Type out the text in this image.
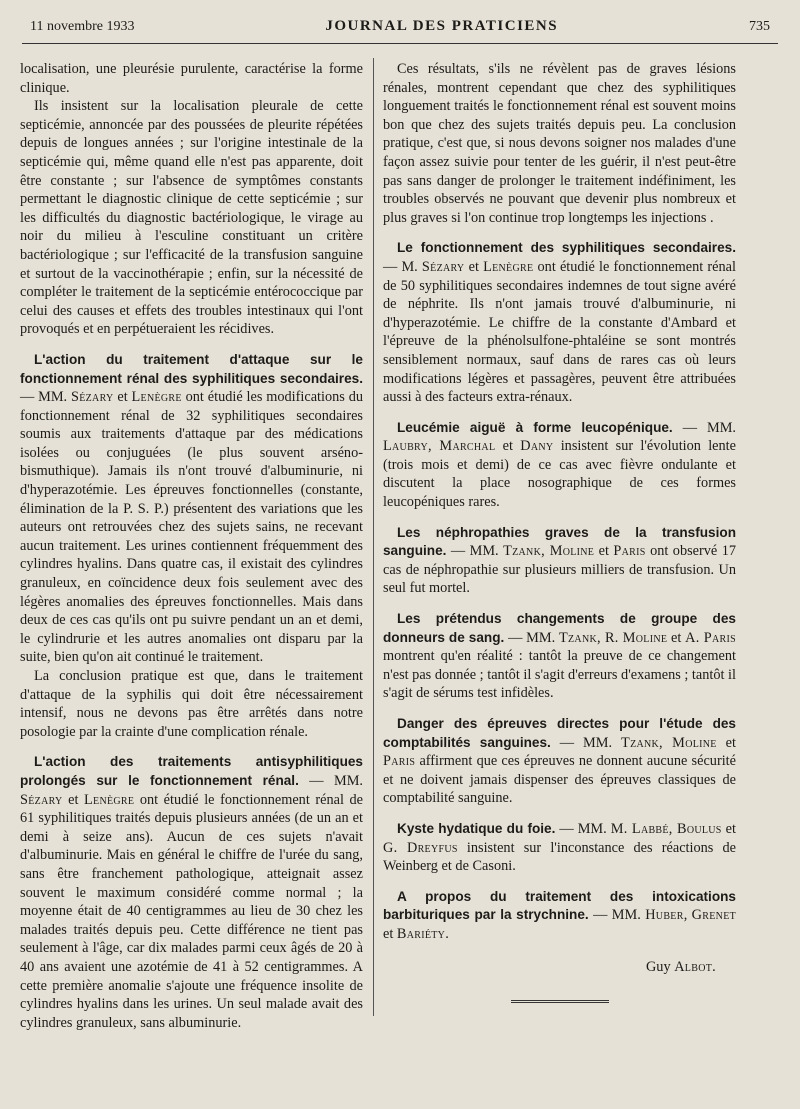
11 novembre 1933	JOURNAL DES PRATICIENS	735

localisation, une pleurésie purulente, caractérise la forme clinique.

Ils insistent sur la localisation pleurale de cette septicémie, annoncée par des poussées de pleurite répétées depuis de longues années ; sur l'origine intestinale de la septicémie qui, même quand elle n'est pas apparente, doit être constante ; sur l'absence de symptômes constants permettant le diagnostic clinique de cette septicémie ; sur les difficultés du diagnostic bactériologique, le virage au noir du milieu à l'esculine constituant un critère bactériologique ; sur l'efficacité de la transfusion sanguine et surtout de la vaccinothérapie ; enfin, sur la nécessité de compléter le traitement de la septicémie entérococcique par celui des causes et effets des troubles intestinaux qui l'ont provoqués et en perpétueraient les récidives.

L'action du traitement d'attaque sur le fonctionnement rénal des syphilitiques secondaires. — MM. Sézary et Lenègre ont étudié les modifications du fonctionnement rénal de 32 syphilitiques secondaires soumis aux traitements d'attaque par des médications isolées ou conjuguées (le plus souvent arséno-bismuthique). Jamais ils n'ont trouvé d'albuminurie, ni d'hyperazotémie. Les épreuves fonctionnelles (constante, élimination de la P. S. P.) présentent des variations que les auteurs ont retrouvées chez des sujets sains, ne recevant aucun traitement. Les urines contiennent fréquemment des cylindres hyalins. Dans quatre cas, il existait des cylindres granuleux, en coïncidence deux fois seulement avec des légères anomalies des épreuves fonctionnelles. Mais dans deux de ces cas qu'ils ont pu suivre pendant un an et demi, le cylindrurie et les autres anomalies ont disparu par la suite, bien qu'on ait continué le traitement.

La conclusion pratique est que, dans le traitement d'attaque de la syphilis qui doit être nécessairement intensif, nous ne devons pas être arrêtés dans notre posologie par la crainte d'une complication rénale.

L'action des traitements antisyphilitiques prolongés sur le fonctionnement rénal. — MM. Sézary et Lenègre ont étudié le fonctionnement rénal de 61 syphilitiques traités depuis plusieurs années (de un an et demi à seize ans). Aucun de ces sujets n'avait d'albuminurie. Mais en général le chiffre de l'urée du sang, sans être franchement pathologique, atteignait assez souvent le maximum considéré comme normal ; la moyenne était de 40 centigrammes au lieu de 30 chez les malades traités depuis peu. Cette différence ne tient pas seulement à l'âge, car dix malades parmi ceux âgés de 20 à 40 ans avaient une azotémie de 41 à 52 centigrammes. A cette première anomalie s'ajoute une fréquence insolite de cylindres hyalins dans les urines. Un seul malade avait des cylindres granuleux, sans albuminurie.

Ces résultats, s'ils ne révèlent pas de graves lésions rénales, montrent cependant que chez des syphilitiques longuement traités le fonctionnement rénal est souvent moins bon que chez des sujets traités depuis peu. La conclusion pratique, c'est que, si nous devons soigner nos malades d'une façon assez suivie pour tenter de les guérir, il n'est peut-être pas sans danger de prolonger le traitement indéfiniment, les troubles observés ne pouvant que devenir plus nombreux et plus graves si l'on continue trop longtemps les injections .

Le fonctionnement des syphilitiques secondaires. — M. Sézary et Lenègre ont étudié le fonctionnement rénal de 50 syphilitiques secondaires indemnes de tout signe avéré de néphrite. Ils n'ont jamais trouvé d'albuminurie, ni d'hyperazotémie. Le chiffre de la constante d'Ambard et l'épreuve de la phénolsulfone-phtaléine se sont montrés sensiblement normaux, sauf dans de rares cas où leurs modifications légères et passagères, peuvent être attribuées aussi à des facteurs extra-rénaux.

Leucémie aiguë à forme leucopénique. — MM. Laubry, Marchal et Dany insistent sur l'évolution lente (trois mois et demi) de ce cas avec fièvre ondulante et discutent la place nosographique de ces formes leucopéniques rares.

Les néphropathies graves de la transfusion sanguine. — MM. Tzank, Moline et Paris ont observé 17 cas de néphropathie sur plusieurs milliers de transfusion. Un seul fut mortel.

Les prétendus changements de groupe des donneurs de sang. — MM. Tzank, R. Moline et A. Paris montrent qu'en réalité : tantôt la preuve de ce changement n'est pas donnée ; tantôt il s'agit d'erreurs d'examens ; tantôt il s'agit de sérums test infidèles.

Danger des épreuves directes pour l'étude des comptabilités sanguines. — MM. Tzank, Moline et Paris affirment que ces épreuves ne donnent aucune sécurité et ne doivent jamais dispenser des épreuves classiques de comptabilité sanguine.

Kyste hydatique du foie. — MM. M. Labbé, Boulus et G. Dreyfus insistent sur l'inconstance des réactions de Weinberg et de Casoni.

A propos du traitement des intoxications barbituriques par la strychnine. — MM. Huber, Grenet et Bariéty.

Guy Albot.
